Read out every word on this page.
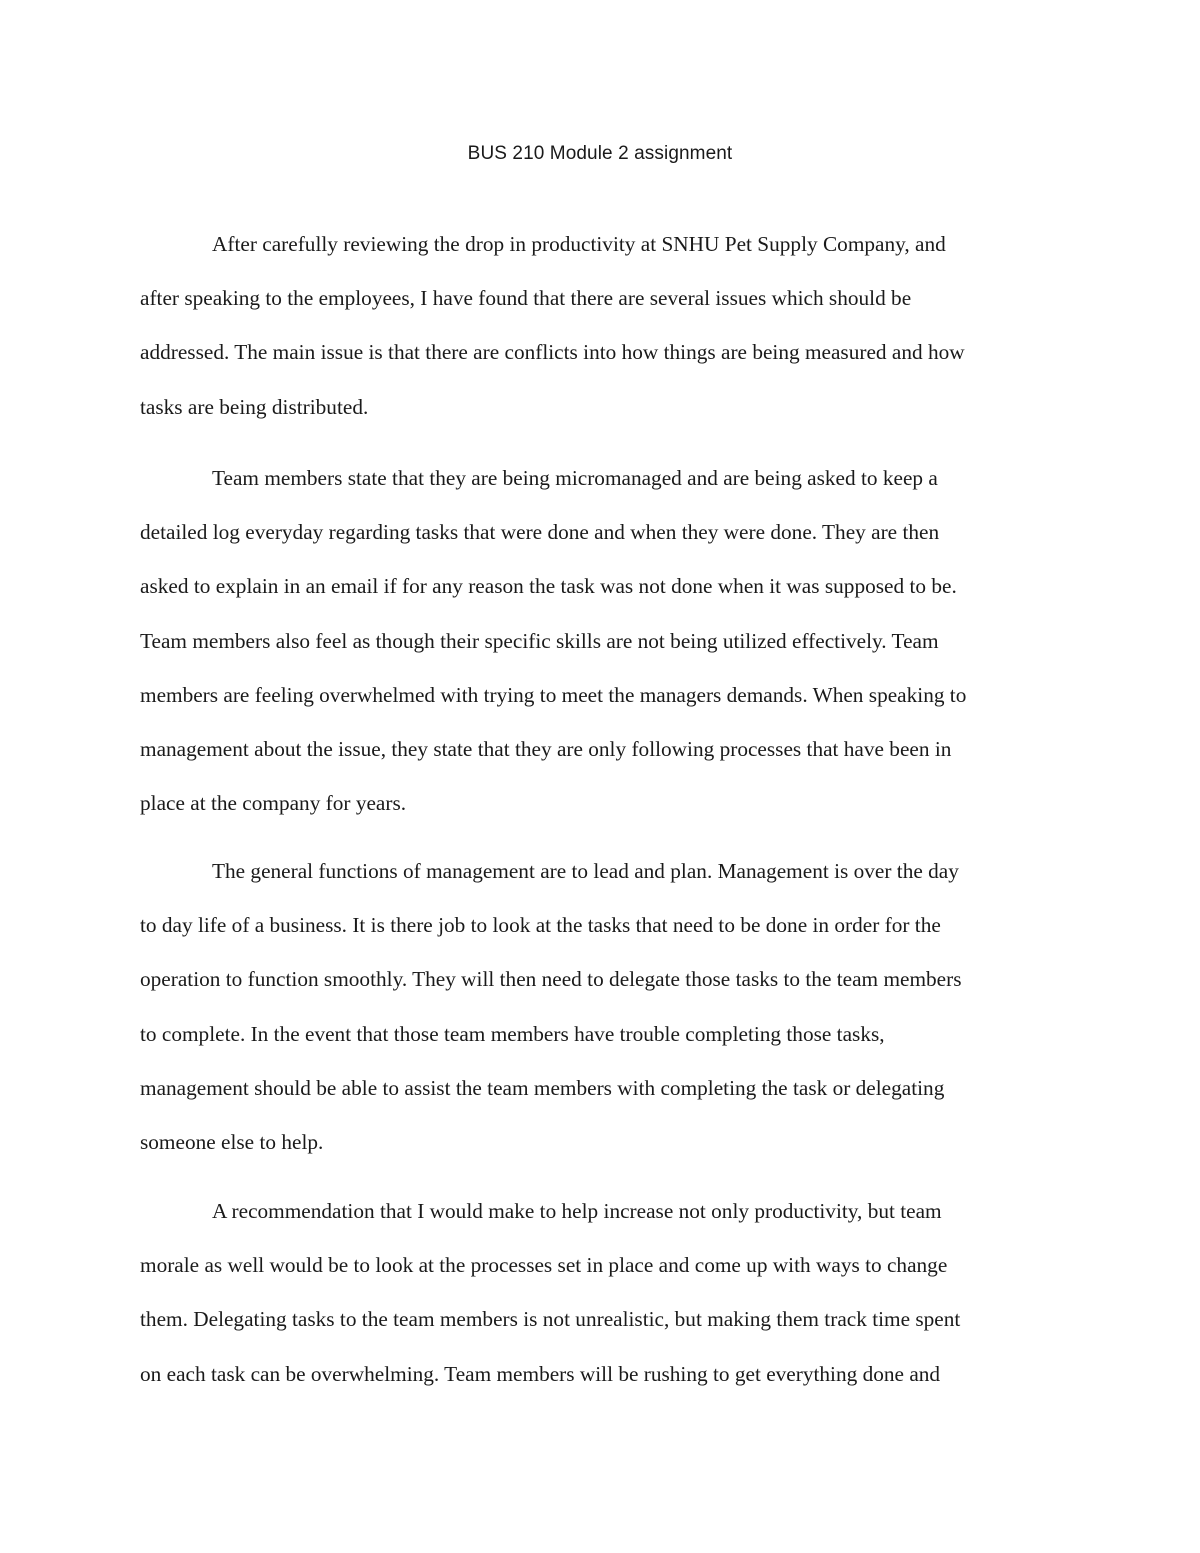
BUS 210 Module 2 assignment

After carefully reviewing the drop in productivity at SNHU Pet Supply Company, and
after speaking to the employees, I have found that there are several issues which should be
addressed. The main issue is that there are conflicts into how things are being measured and how
tasks are being distributed.

Team members state that they are being micromanaged and are being asked to keep a
detailed log everyday regarding tasks that were done and when they were done. They are then
asked to explain in an email if for any reason the task was not done when it was supposed to be.
Team members also feel as though their specific skills are not being utilized effectively. Team
members are feeling overwhelmed with trying to meet the managers demands. When speaking to
management about the issue, they state that they are only following processes that have been in
place at the company for years.

The general functions of management are to lead and plan. Management is over the day
to day life of a business. It is there job to look at the tasks that need to be done in order for the
operation to function smoothly. They will then need to delegate those tasks to the team members
to complete. In the event that those team members have trouble completing those tasks,
management should be able to assist the team members with completing the task or delegating
someone else to help.

A recommendation that I would make to help increase not only productivity, but team
morale as well would be to look at the processes set in place and come up with ways to change
them. Delegating tasks to the team members is not unrealistic, but making them track time spent
on each task can be overwhelming. Team members will be rushing to get everything done and
